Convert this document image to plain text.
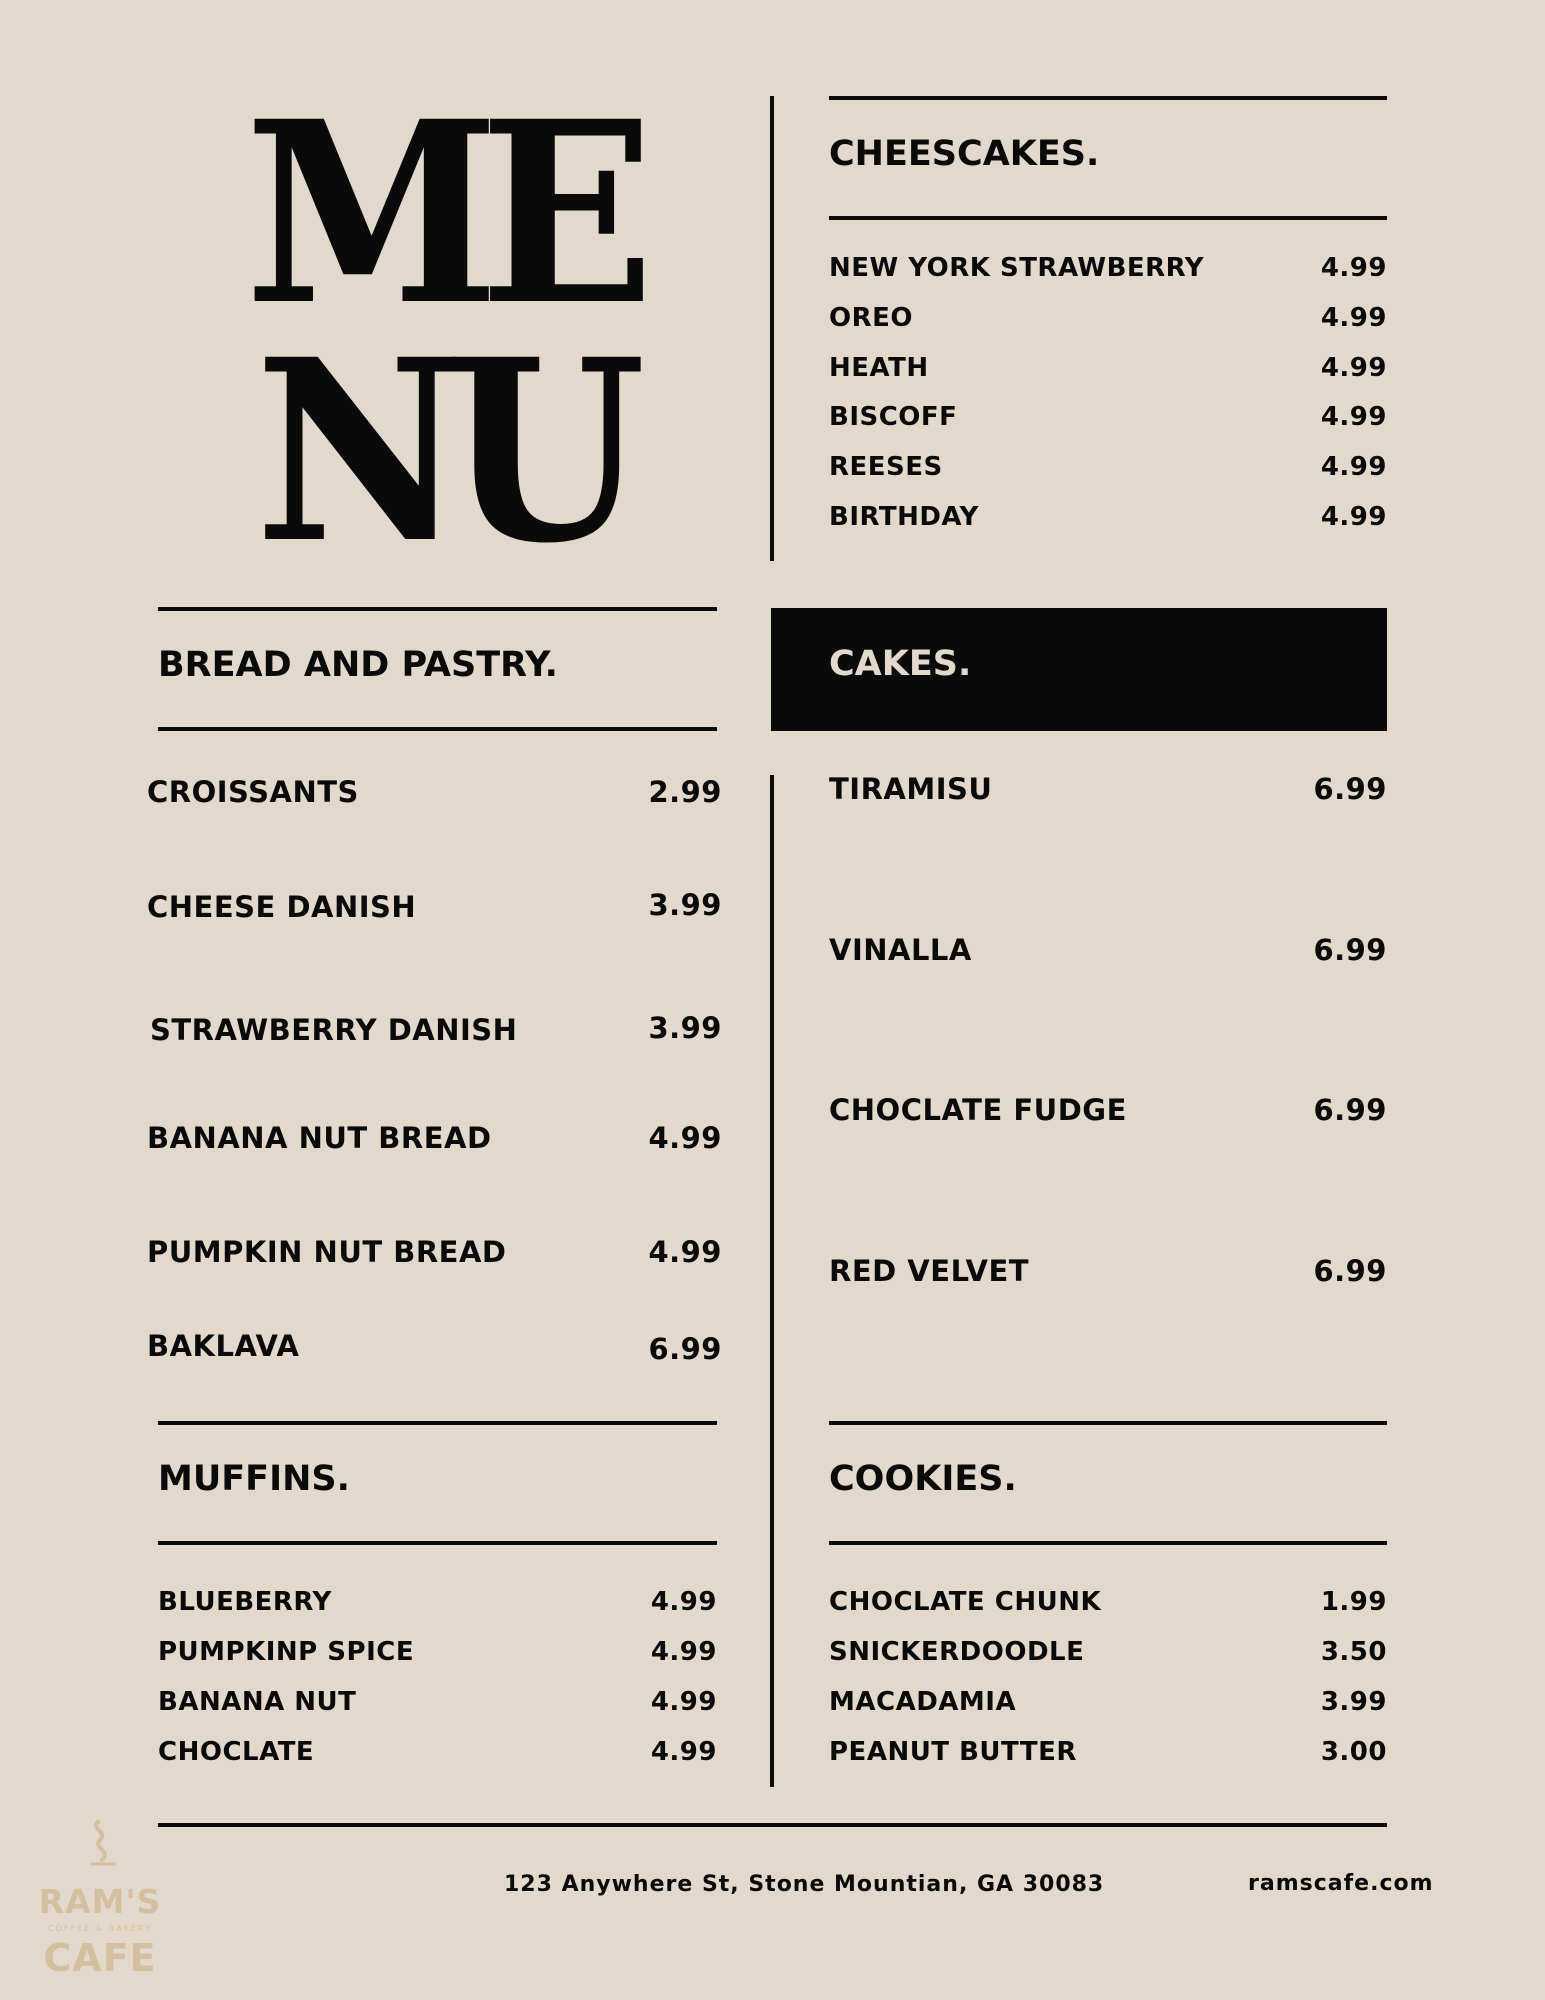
ME
NU
CHEESCAKES.
NEW YORK STRAWBERRY	4.99
OREO	4.99
HEATH	4.99
BISCOFF	4.99
REESES	4.99
BIRTHDAY	4.99
BREAD AND PASTRY.
CROISSANTS	2.99
CHEESE DANISH	3.99
STRAWBERRY DANISH	3.99
BANANA NUT BREAD	4.99
PUMPKIN NUT BREAD	4.99
BAKLAVA	6.99
CAKES.
TIRAMISU	6.99
VINALLA	6.99
CHOCLATE FUDGE	6.99
RED VELVET	6.99
MUFFINS.
BLUEBERRY	4.99
PUMPKINP SPICE	4.99
BANANA NUT	4.99
CHOCLATE	4.99
COOKIES.
CHOCLATE CHUNK	1.99
SNICKERDOODLE	3.50
MACADAMIA	3.99
PEANUT BUTTER	3.00
123 Anywhere St, Stone Mountian, GA 30083	ramscafe.com
RAM'S
COFFEE & BAKERY
CAFE
